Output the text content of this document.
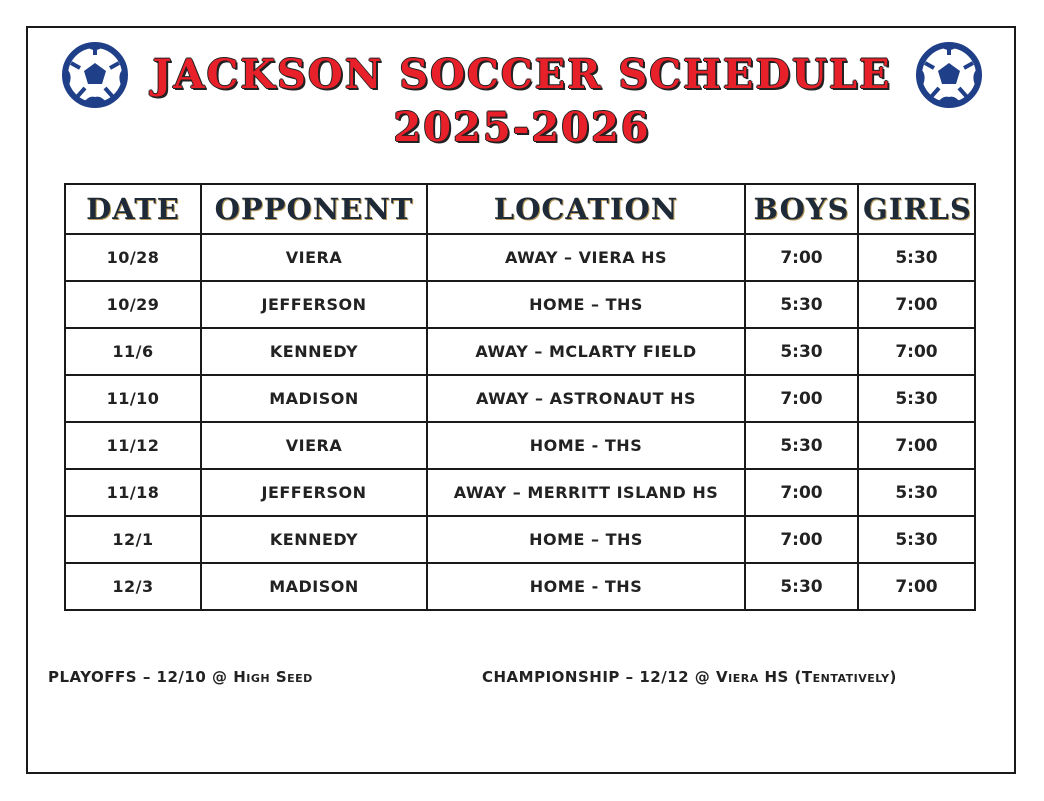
JACKSON SOCCER SCHEDULE
2025-2026
DATE	OPPONENT	LOCATION	BOYS	GIRLS
10/28	VIERA	AWAY – VIERA HS	7:00	5:30
10/29	JEFFERSON	HOME – THS	5:30	7:00
11/6	KENNEDY	AWAY – MCLARTY FIELD	5:30	7:00
11/10	MADISON	AWAY – ASTRONAUT HS	7:00	5:30
11/12	VIERA	HOME - THS	5:30	7:00
11/18	JEFFERSON	AWAY – MERRITT ISLAND HS	7:00	5:30
12/1	KENNEDY	HOME – THS	7:00	5:30
12/3	MADISON	HOME - THS	5:30	7:00
PLAYOFFS – 12/10 @ High Seed	CHAMPIONSHIP – 12/12 @ Viera HS (Tentatively)
